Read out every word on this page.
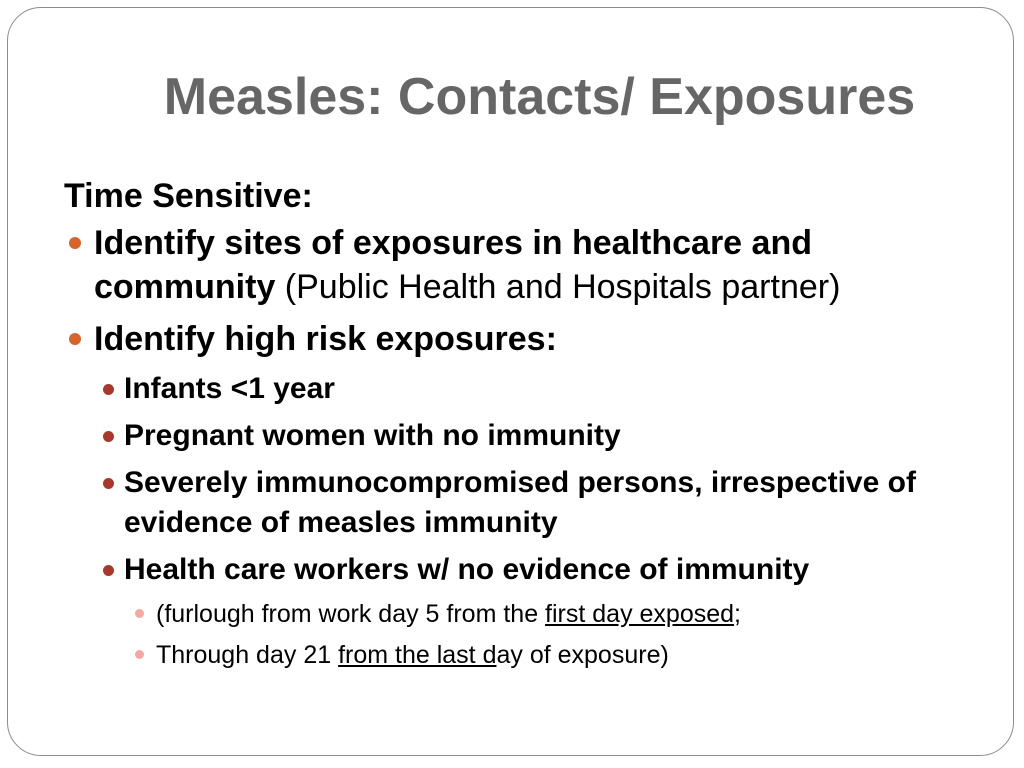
Measles: Contacts/ Exposures
Time Sensitive:
Identify sites of exposures in healthcare and community (Public Health and Hospitals partner)
Identify high risk exposures:
Infants <1 year
Pregnant women with no immunity
Severely immunocompromised persons, irrespective of evidence of measles immunity
Health care workers w/ no evidence of immunity
(furlough from work day 5 from the first day exposed;
Through day 21 from the last day of exposure)
